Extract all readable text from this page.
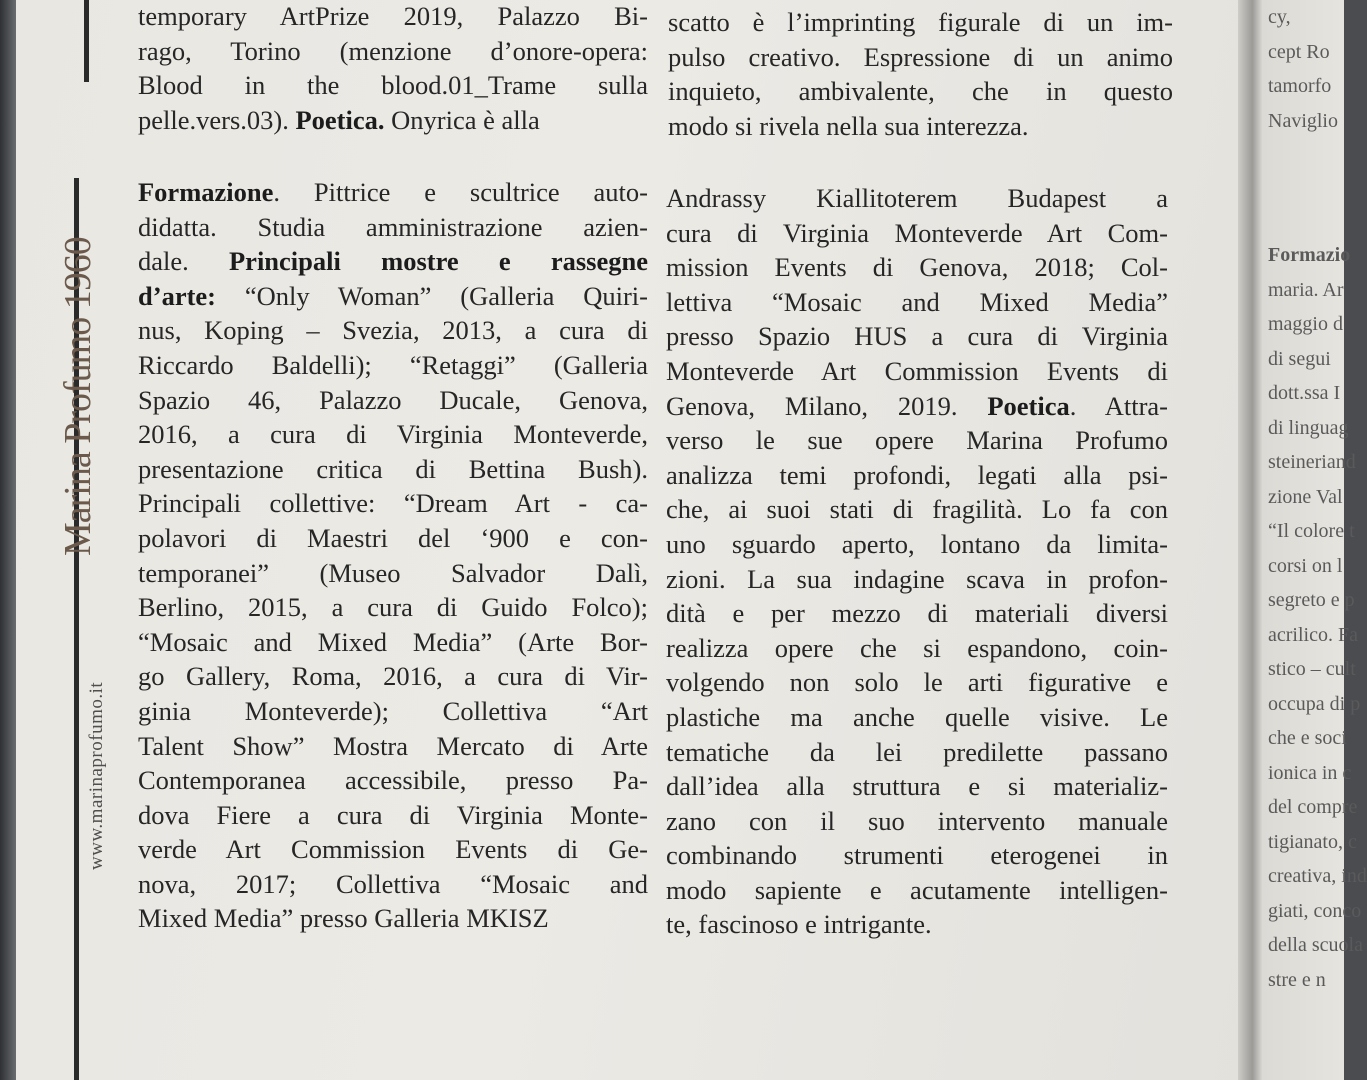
Marina Profumo 1960
www.marinaprofumo.it
temporary ArtPrize 2019, Palazzo Bi-
rago, Torino (menzione d’onore-opera:
Blood in the blood.01_Trame sulla
pelle.vers.03). Poetica. Onyrica è alla
scatto è l’imprinting figurale di un im-
pulso creativo. Espressione di un animo
inquieto, ambivalente, che in questo
modo si rivela nella sua interezza.
Formazione. Pittrice e scultrice auto-
didatta. Studia amministrazione azien-
dale. Principali mostre e rassegne
d’arte: “Only Woman” (Galleria Quiri-
nus, Koping – Svezia, 2013, a cura di
Riccardo Baldelli); “Retaggi” (Galleria
Spazio 46, Palazzo Ducale, Genova,
2016, a cura di Virginia Monteverde,
presentazione critica di Bettina Bush).
Principali collettive: “Dream Art - ca-
polavori di Maestri del ‘900 e con-
temporanei” (Museo Salvador Dalì,
Berlino, 2015, a cura di Guido Folco);
“Mosaic and Mixed Media” (Arte Bor-
go Gallery, Roma, 2016, a cura di Vir-
ginia Monteverde); Collettiva “Art
Talent Show” Mostra Mercato di Arte
Contemporanea accessibile, presso Pa-
dova Fiere a cura di Virginia Monte-
verde Art Commission Events di Ge-
nova, 2017; Collettiva “Mosaic and
Mixed Media” presso Galleria MKISZ
Andrassy Kiallitoterem Budapest a
cura di Virginia Monteverde Art Com-
mission Events di Genova, 2018; Col-
lettiva “Mosaic and Mixed Media”
presso Spazio HUS a cura di Virginia
Monteverde Art Commission Events di
Genova, Milano, 2019. Poetica. Attra-
verso le sue opere Marina Profumo
analizza temi profondi, legati alla psi-
che, ai suoi stati di fragilità. Lo fa con
uno sguardo aperto, lontano da limita-
zioni. La sua indagine scava in profon-
dità e per mezzo di materiali diversi
realizza opere che si espandono, coin-
volgendo non solo le arti figurative e
plastiche ma anche quelle visive. Le
tematiche da lei predilette passano
dall’idea alla struttura e si materializ-
zano con il suo intervento manuale
combinando strumenti eterogenei in
modo sapiente e acutamente intelligen-
te, fascinoso e intrigante.
cy,
cept Ro
tamorfo
Naviglio
Formazio
maria. Ar
maggio d
di segui
dott.ssa I
di linguag
steineriand
zione Val
“Il colore t
corsi on l
segreto e p
acrilico. Fa
stico – cult
occupa di p
che e soci
ionica in c
del compre
tigianato, c
creativa, ind
giati, conco
della scuola
stre e n
